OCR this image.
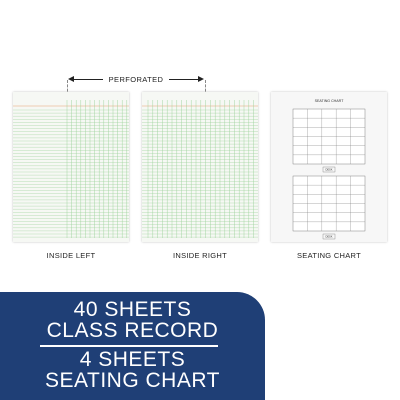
PERFORATED
INSIDE LEFT	INSIDE RIGHT
SEATING CHART
DESK
DESK
SEATING CHART
40 SHEETS
CLASS RECORD
4 SHEETS
SEATING CHART
